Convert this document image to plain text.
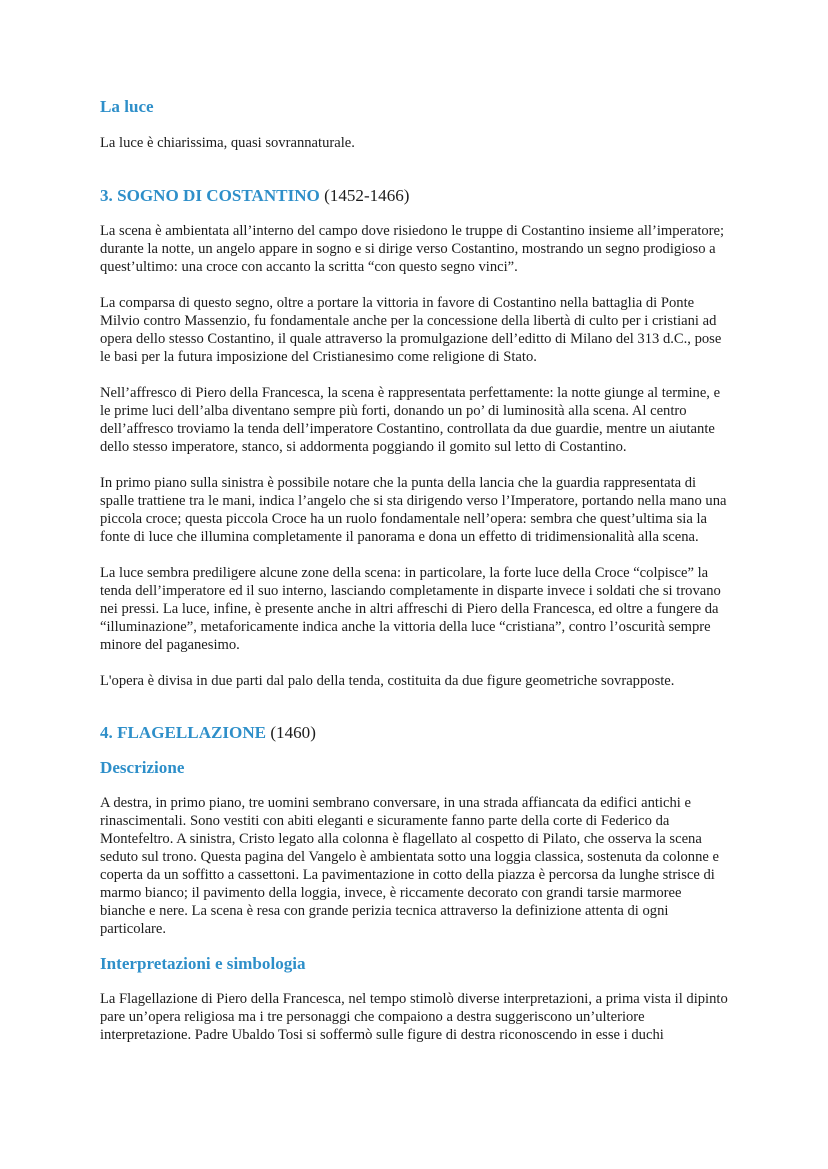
La luce

La luce è chiarissima, quasi sovrannaturale.

3. SOGNO DI COSTANTINO (1452-1466)

La scena è ambientata all’interno del campo dove risiedono le truppe di Costantino insieme all’imperatore; durante la notte, un angelo appare in sogno e si dirige verso Costantino, mostrando un segno prodigioso a quest’ultimo: una croce con accanto la scritta “con questo segno vinci”.

La comparsa di questo segno, oltre a portare la vittoria in favore di Costantino nella battaglia di Ponte Milvio contro Massenzio, fu fondamentale anche per la concessione della libertà di culto per i cristiani ad opera dello stesso Costantino, il quale attraverso la promulgazione dell’editto di Milano del 313 d.C., pose le basi per la futura imposizione del Cristianesimo come religione di Stato.

Nell’affresco di Piero della Francesca, la scena è rappresentata perfettamente: la notte giunge al termine, e le prime luci dell’alba diventano sempre più forti, donando un po’ di luminosità alla scena. Al centro dell’affresco troviamo la tenda dell’imperatore Costantino, controllata da due guardie, mentre un aiutante dello stesso imperatore, stanco, si addormenta poggiando il gomito sul letto di Costantino.

In primo piano sulla sinistra è possibile notare che la punta della lancia che la guardia rappresentata di spalle trattiene tra le mani, indica l’angelo che si sta dirigendo verso l’Imperatore, portando nella mano una piccola croce; questa piccola Croce ha un ruolo fondamentale nell’opera: sembra che quest’ultima sia la fonte di luce che illumina completamente il panorama e dona un effetto di tridimensionalità alla scena.

La luce sembra prediligere alcune zone della scena: in particolare, la forte luce della Croce “colpisce” la tenda dell’imperatore ed il suo interno, lasciando completamente in disparte invece i soldati che si trovano nei pressi. La luce, infine, è presente anche in altri affreschi di Piero della Francesca, ed oltre a fungere da “illuminazione”, metaforicamente indica anche la vittoria della luce “cristiana”, contro l’oscurità sempre minore del paganesimo.

L'opera è divisa in due parti dal palo della tenda, costituita da due figure geometriche sovrapposte.

4. FLAGELLAZIONE (1460)
Descrizione

A destra, in primo piano, tre uomini sembrano conversare, in una strada affiancata da edifici antichi e rinascimentali. Sono vestiti con abiti eleganti e sicuramente fanno parte della corte di Federico da Montefeltro. A sinistra, Cristo legato alla colonna è flagellato al cospetto di Pilato, che osserva la scena seduto sul trono. Questa pagina del Vangelo è ambientata sotto una loggia classica, sostenuta da colonne e coperta da un soffitto a cassettoni. La pavimentazione in cotto della piazza è percorsa da lunghe strisce di marmo bianco; il pavimento della loggia, invece, è riccamente decorato con grandi tarsie marmoree bianche e nere. La scena è resa con grande perizia tecnica attraverso la definizione attenta di ogni particolare.

Interpretazioni e simbologia

La Flagellazione di Piero della Francesca, nel tempo stimolò diverse interpretazioni, a prima vista il dipinto pare un’opera religiosa ma i tre personaggi che compaiono a destra suggeriscono un’ulteriore interpretazione. Padre Ubaldo Tosi si soffermò sulle figure di destra riconoscendo in esse i duchi
